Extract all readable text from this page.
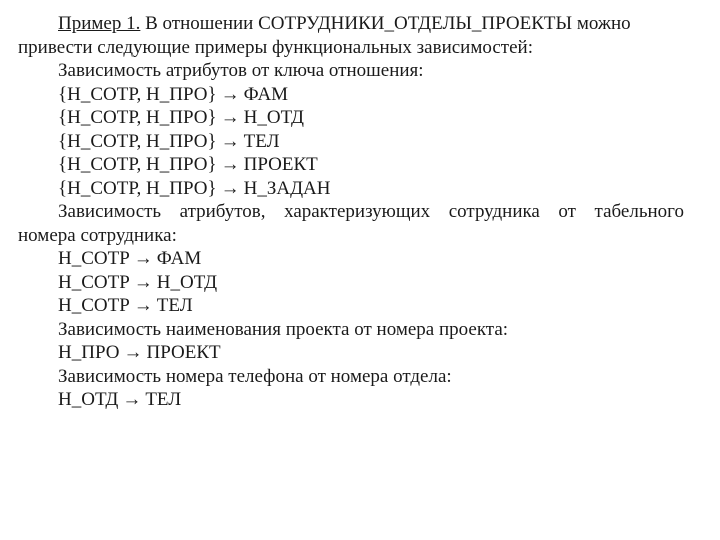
Пример 1. В отношении СОТРУДНИКИ_ОТДЕЛЫ_ПРОЕКТЫ можно
привести следующие примеры функциональных зависимостей:
Зависимость атрибутов от ключа отношения:
{Н_СОТР, Н_ПРО} → ФАМ
{Н_СОТР, Н_ПРО} → Н_ОТД
{Н_СОТР, Н_ПРО} → ТЕЛ
{Н_СОТР, Н_ПРО} → ПРОЕКТ
{Н_СОТР, Н_ПРО} → Н_ЗАДАН
Зависимость атрибутов, характеризующих сотрудника от табельного
номера сотрудника:
Н_СОТР → ФАМ
Н_СОТР → Н_ОТД
Н_СОТР → ТЕЛ
Зависимость наименования проекта от номера проекта:
Н_ПРО → ПРОЕКТ
Зависимость номера телефона от номера отдела:
Н_ОТД → ТЕЛ
